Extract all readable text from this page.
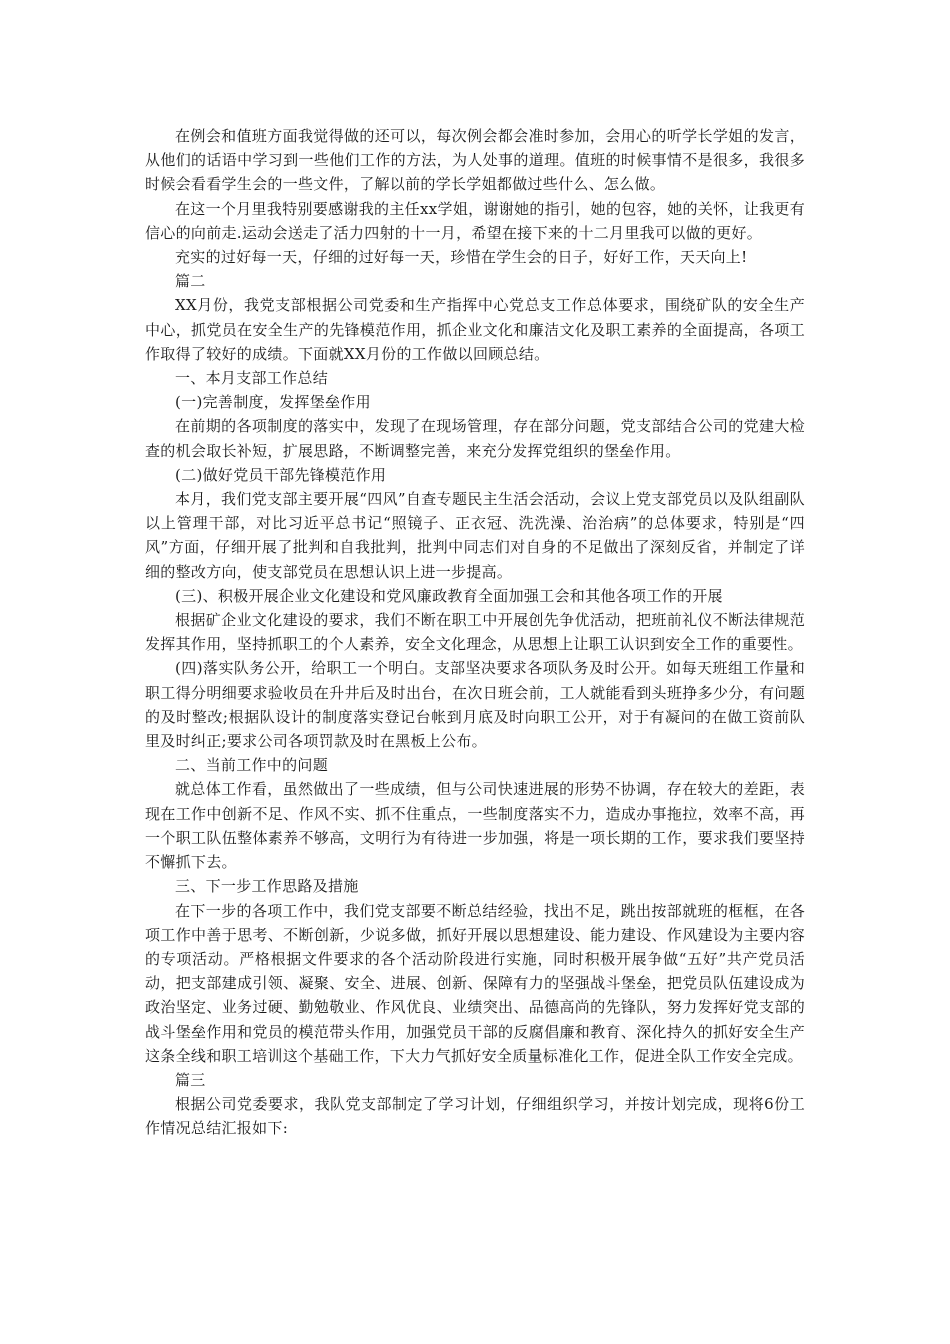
在例会和值班方面我觉得做的还可以，每次例会都会准时参加，会用心的听学长学姐的发言，从他们的话语中学习到一些他们工作的方法，为人处事的道理。值班的时候事情不是很多，我很多时候会看看学生会的一些文件，了解以前的学长学姐都做过些什么、怎么做。

在这一个月里我特别要感谢我的主任xx学姐，谢谢她的指引，她的包容，她的关怀，让我更有信心的向前走.运动会送走了活力四射的十一月，希望在接下来的十二月里我可以做的更好。

充实的过好每一天，仔细的过好每一天，珍惜在学生会的日子，好好工作，天天向上!

篇二

XX月份，我党支部根据公司党委和生产指挥中心党总支工作总体要求，围绕矿队的安全生产中心，抓党员在安全生产的先锋模范作用，抓企业文化和廉洁文化及职工素养的全面提高，各项工作取得了较好的成绩。下面就XX月份的工作做以回顾总结。

一、本月支部工作总结

(一)完善制度，发挥堡垒作用

在前期的各项制度的落实中，发现了在现场管理，存在部分问题，党支部结合公司的党建大检查的机会取长补短，扩展思路，不断调整完善，来充分发挥党组织的堡垒作用。

(二)做好党员干部先锋模范作用

本月，我们党支部主要开展“四风”自查专题民主生活会活动，会议上党支部党员以及队组副队以上管理干部，对比习近平总书记“照镜子、正衣冠、洗洗澡、治治病”的总体要求，特别是“四风”方面，仔细开展了批判和自我批判，批判中同志们对自身的不足做出了深刻反省，并制定了详细的整改方向，使支部党员在思想认识上进一步提高。

(三)、积极开展企业文化建设和党风廉政教育全面加强工会和其他各项工作的开展

根据矿企业文化建设的要求，我们不断在职工中开展创先争优活动，把班前礼仪不断法律规范发挥其作用，坚持抓职工的个人素养，安全文化理念，从思想上让职工认识到安全工作的重要性。

(四)落实队务公开，给职工一个明白。支部坚决要求各项队务及时公开。如每天班组工作量和职工得分明细要求验收员在升井后及时出台，在次日班会前，工人就能看到头班挣多少分，有问题的及时整改;根据队设计的制度落实登记台帐到月底及时向职工公开，对于有凝问的在做工资前队里及时纠正;要求公司各项罚款及时在黑板上公布。

二、当前工作中的问题

就总体工作看，虽然做出了一些成绩，但与公司快速进展的形势不协调，存在较大的差距，表现在工作中创新不足、作风不实、抓不住重点，一些制度落实不力，造成办事拖拉，效率不高，再一个职工队伍整体素养不够高，文明行为有待进一步加强，将是一项长期的工作，要求我们要坚持不懈抓下去。

三、下一步工作思路及措施

在下一步的各项工作中，我们党支部要不断总结经验，找出不足，跳出按部就班的框框，在各项工作中善于思考、不断创新，少说多做，抓好开展以思想建设、能力建设、作风建设为主要内容的专项活动。严格根据文件要求的各个活动阶段进行实施，同时积极开展争做“五好”共产党员活动，把支部建成引领、凝聚、安全、进展、创新、保障有力的坚强战斗堡垒，把党员队伍建设成为政治坚定、业务过硬、勤勉敬业、作风优良、业绩突出、品德高尚的先锋队，努力发挥好党支部的战斗堡垒作用和党员的模范带头作用，加强党员干部的反腐倡廉和教育、深化持久的抓好安全生产这条全线和职工培训这个基础工作，下大力气抓好安全质量标准化工作，促进全队工作安全完成。

篇三

根据公司党委要求，我队党支部制定了学习计划，仔细组织学习，并按计划完成，现将6份工作情况总结汇报如下:
